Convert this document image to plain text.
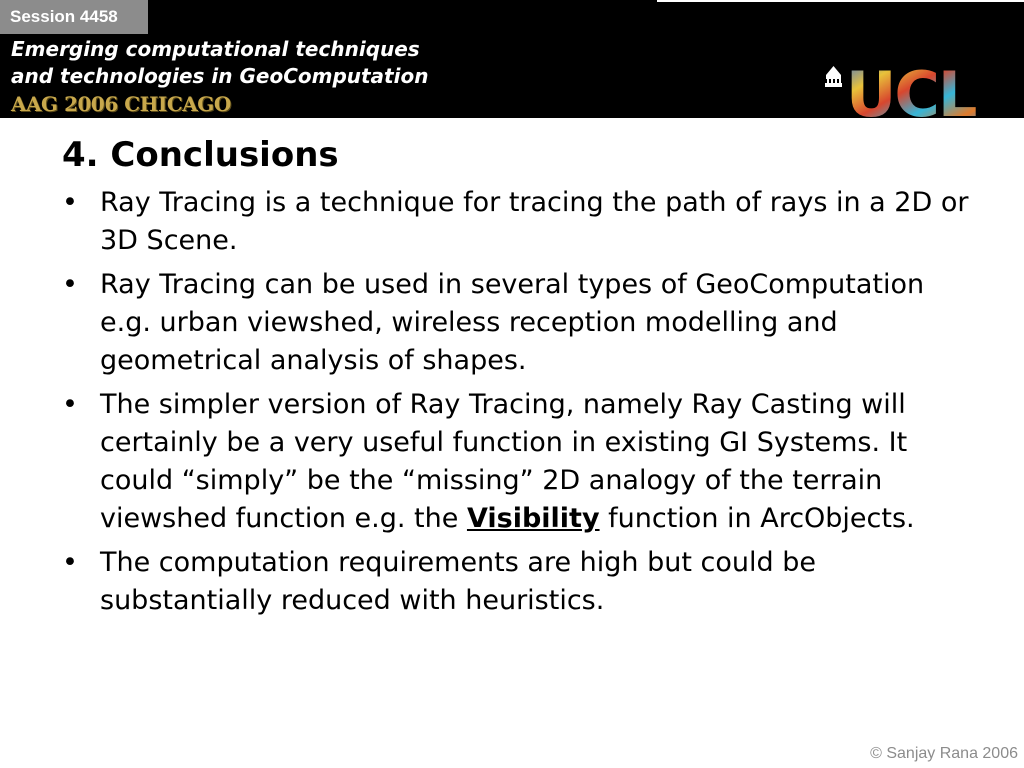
Session 4458
Emerging computational techniques
and technologies in GeoComputation
AAG 2006 CHICAGO	UCL
4. Conclusions
• Ray Tracing is a technique for tracing the path of rays in a 2D or 3D Scene.
• Ray Tracing can be used in several types of GeoComputation e.g. urban viewshed, wireless reception modelling and geometrical analysis of shapes.
• The simpler version of Ray Tracing, namely Ray Casting will certainly be a very useful function in existing GI Systems. It could “simply” be the “missing” 2D analogy of the terrain viewshed function e.g. the Visibility function in ArcObjects.
• The computation requirements are high but could be substantially reduced with heuristics.
© Sanjay Rana 2006
